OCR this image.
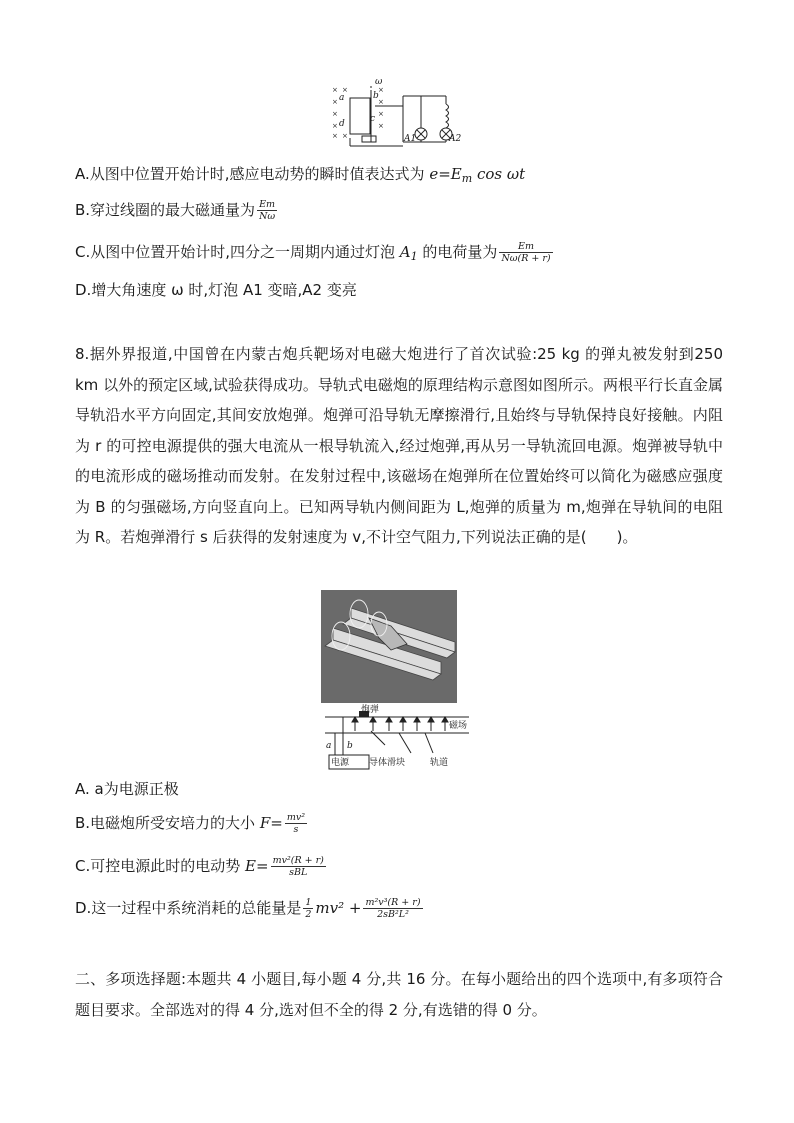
× ×	×
×	×
×	×
×	×
× ×
a	b
c
d
ω
A1	A2
A.从图中位置开始计时,感应电动势的瞬时值表达式为 $e=E_m$ cos ωt
B.穿过线圈的最大磁通量为 $\frac{Em}{N\omega}$
C.从图中位置开始计时,四分之一周期内通过灯泡 $A_1$ 的电荷量为 $\frac{Em}{N\omega(R + r)}$
D.增大角速度 ω 时,灯泡 A1 变暗,A2 变亮
8.据外界报道,中国曾在内蒙古炮兵靶场对电磁大炮进行了首次试验:25 kg 的弹丸被发射到250 km 以外的预定区域,试验获得成功。导轨式电磁炮的原理结构示意图如图所示。两根平行长直金属导轨沿水平方向固定,其间安放炮弹。炮弹可沿导轨无摩擦滑行,且始终与导轨保持良好接触。内阻为 r 的可控电源提供的强大电流从一根导轨流入,经过炮弹,再从另一导轨流回电源。炮弹被导轨中的电流形成的磁场推动而发射。在发射过程中,该磁场在炮弹所在位置始终可以简化为磁感应强度为 B 的匀强磁场,方向竖直向上。已知两导轨内侧间距为 L,炮弹的质量为 m,炮弹在导轨间的电阻为 R。若炮弹滑行 s 后获得的发射速度为 v,不计空气阻力,下列说法正确的是(　　)。
炮弹
磁场
电源 导体滑块	轨道
a b
A. a为电源正极
B.电磁炮所受安培力的大小 $F= \frac{\text{mv²}}{s}$
C.可控电源此时的电动势 $E= \frac{\text{mv²(R + r)}}{\text{sBL}}$
D.这一过程中系统消耗的总能量是 $\frac{1}{2} mv^2 + \frac{\text{m²v³(R + r)}}{\text{2sB²L²}}$
二、多项选择题:本题共 4 小题目,每小题 4 分,共 16 分。在每小题给出的四个选项中,有多项符合题目要求。全部选对的得 4 分,选对但不全的得 2 分,有选错的得 0 分。
